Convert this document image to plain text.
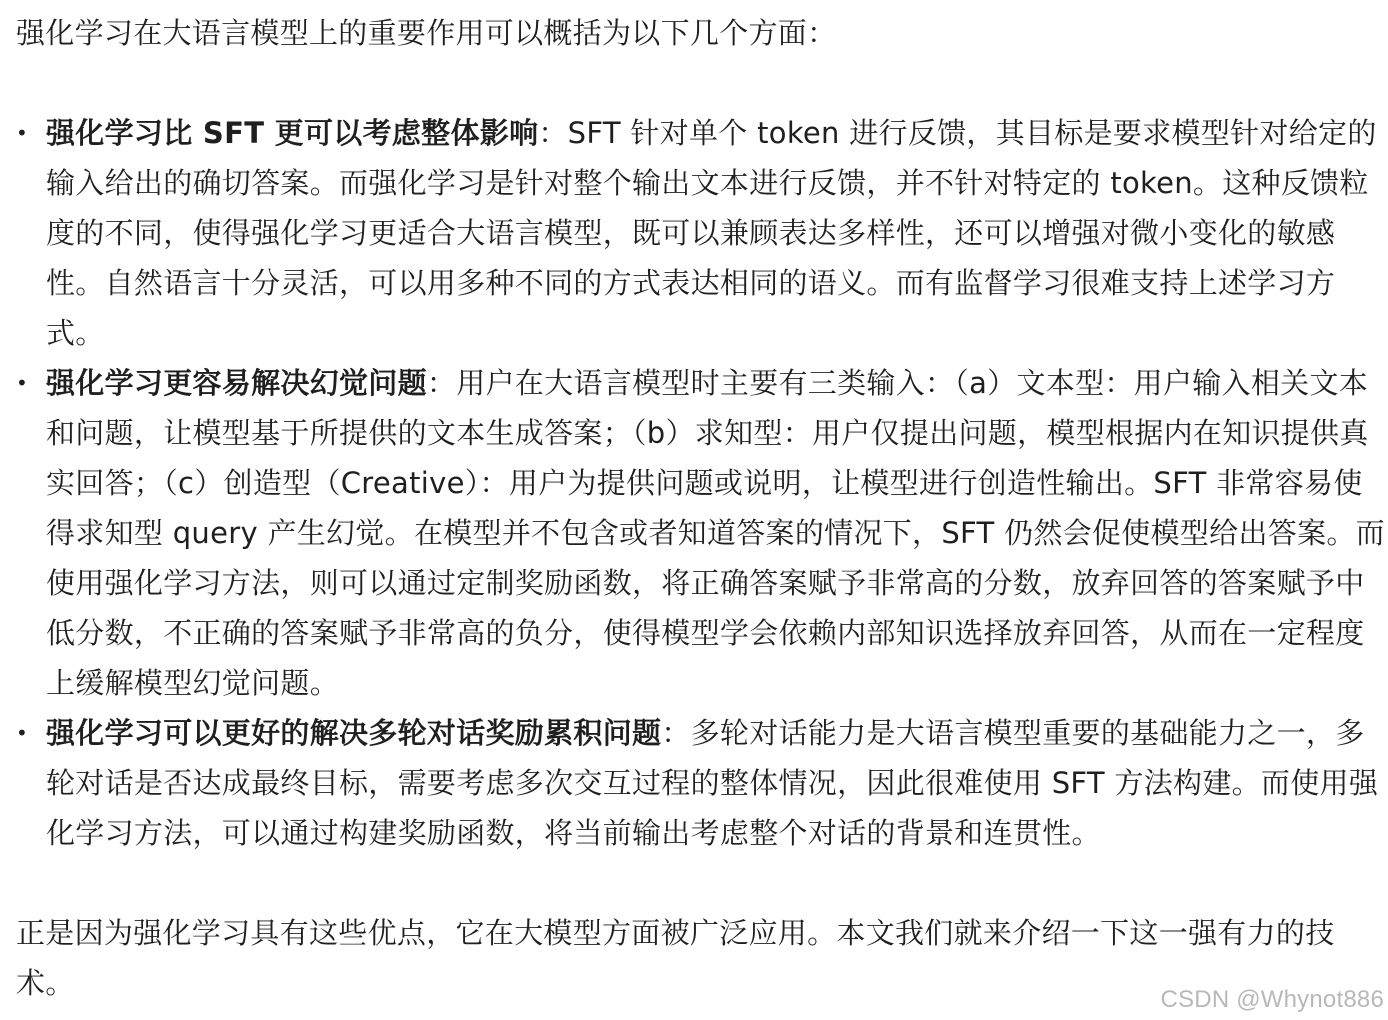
强化学习在大语言模型上的重要作用可以概括为以下几个方面：

• 强化学习比 SFT 更可以考虑整体影响：SFT 针对单个 token 进行反馈，其目标是要求模型针对给定的输入给出的确切答案。而强化学习是针对整个输出文本进行反馈，并不针对特定的 token。这种反馈粒度的不同，使得强化学习更适合大语言模型，既可以兼顾表达多样性，还可以增强对微小变化的敏感性。自然语言十分灵活，可以用多种不同的方式表达相同的语义。而有监督学习很难支持上述学习方式。
• 强化学习更容易解决幻觉问题：用户在大语言模型时主要有三类输入：（a）文本型：用户输入相关文本和问题，让模型基于所提供的文本生成答案；（b）求知型：用户仅提出问题，模型根据内在知识提供真实回答；（c）创造型（Creative）：用户为提供问题或说明，让模型进行创造性输出。SFT 非常容易使得求知型 query 产生幻觉。在模型并不包含或者知道答案的情况下，SFT 仍然会促使模型给出答案。而使用强化学习方法，则可以通过定制奖励函数，将正确答案赋予非常高的分数，放弃回答的答案赋予中低分数，不正确的答案赋予非常高的负分，使得模型学会依赖内部知识选择放弃回答，从而在一定程度上缓解模型幻觉问题。
• 强化学习可以更好的解决多轮对话奖励累积问题：多轮对话能力是大语言模型重要的基础能力之一，多轮对话是否达成最终目标，需要考虑多次交互过程的整体情况，因此很难使用 SFT 方法构建。而使用强化学习方法，可以通过构建奖励函数，将当前输出考虑整个对话的背景和连贯性。

正是因为强化学习具有这些优点，它在大模型方面被广泛应用。本文我们就来介绍一下这一强有力的技术。	CSDN @Whynot886
